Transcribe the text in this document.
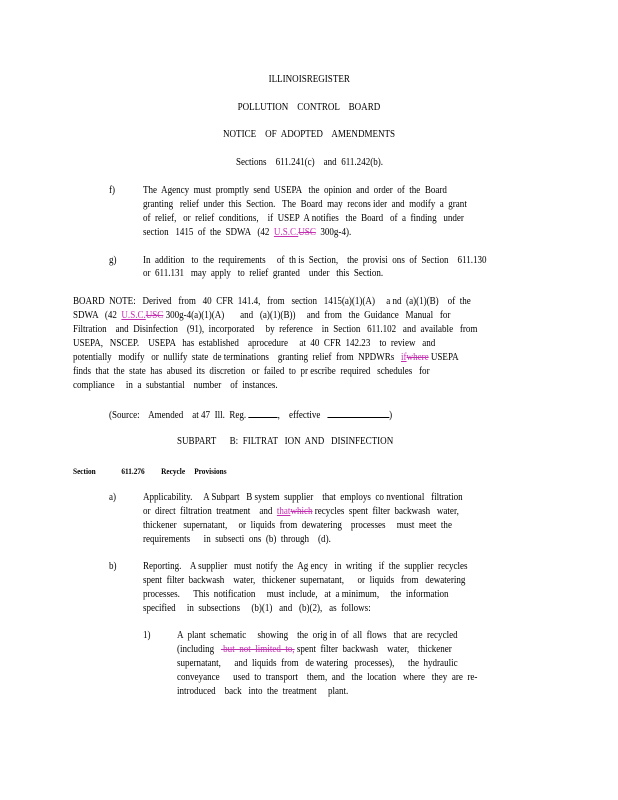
ILLINOISREGISTER
POLLUTION    CONTROL    BOARD
NOTICE    OF  ADOPTED    AMENDMENTS
Sections    611.241(c)    and  611.242(b).
f)	The  Agency  must  promptly  send  USEPA   the  opinion  and  order  of  the  Board
granting   relief  under  this  Section.   The  Board  may  recons ider  and  modify  a  grant
of  relief,   or  relief  conditions,    if  USEP  A notifies   the  Board   of  a  finding   under
section   1415  of  the  SDWA   (42  U.S.C.USC  300g-4).
g)	In  addition   to  the  requirements     of  th is  Section,    the  provisi  ons  of  Section    611.130
or  611.131   may  apply   to  relief  granted    under   this  Section.
BOARD  NOTE:   Derived   from   40  CFR  141.4,   from   section   1415(a)(1)(A)     a nd  (a)(1)(B)    of  the
SDWA   (42  U.S.C.USC 300g-4(a)(1)(A)       and   (a)(1)(B))     and  from   the  Guidance   Manual   for
Filtration    and  Disinfection    (91),  incorporated     by  reference    in  Section   611.102   and  available   from
USEPA,   NSCEP.    USEPA   has  established    aprocedure     at  40  CFR  142.23    to  review   and
potentially   modify   or  nullify  state  de terminations    granting  relief  from  NPDWRs   ifwhere USEPA
finds  that  the  state  has  abused  its  discretion   or  failed  to  pr escribe  required   schedules   for
compliance     in  a  substantial    number    of  instances.
(Source:    Amended    at 47  Ill.  Reg.	,    effective	)
SUBPART      B:  FILTRAT   ION  AND   DISINFECTION
Section	611.276 Recycle     Provisions
a)	Applicability.     A Subpart   B system  supplier    that  employs  co nventional   filtration
or  direct  filtration  treatment    and  thatwhich recycles  spent  filter  backwash   water,
thickener   supernatant,     or  liquids  from  dewatering    processes     must  meet  the
requirements      in  subsecti  ons  (b)  through    (d).
b)	Reporting.    A supplier   must  notify  the  Ag ency   in  writing   if  the  supplier  recycles
spent  filter  backwash    water,   thickener  supernatant,      or  liquids   from   dewatering
processes.      This  notification     must  include,   at  a minimum,     the  information
specified     in  subsections     (b)(1)   and   (b)(2),   as  follows:
1)	A  plant  schematic     showing    the  orig in  of  all  flows   that  are  recycled
(including    but  not  limited  to, spent  filter  backwash    water,    thickener
supernatant,      and  liquids  from   de watering   processes),      the  hydraulic
conveyance      used  to  transport    them,  and   the  location   where   they  are  re-
introduced    back   into  the  treatment     plant.
